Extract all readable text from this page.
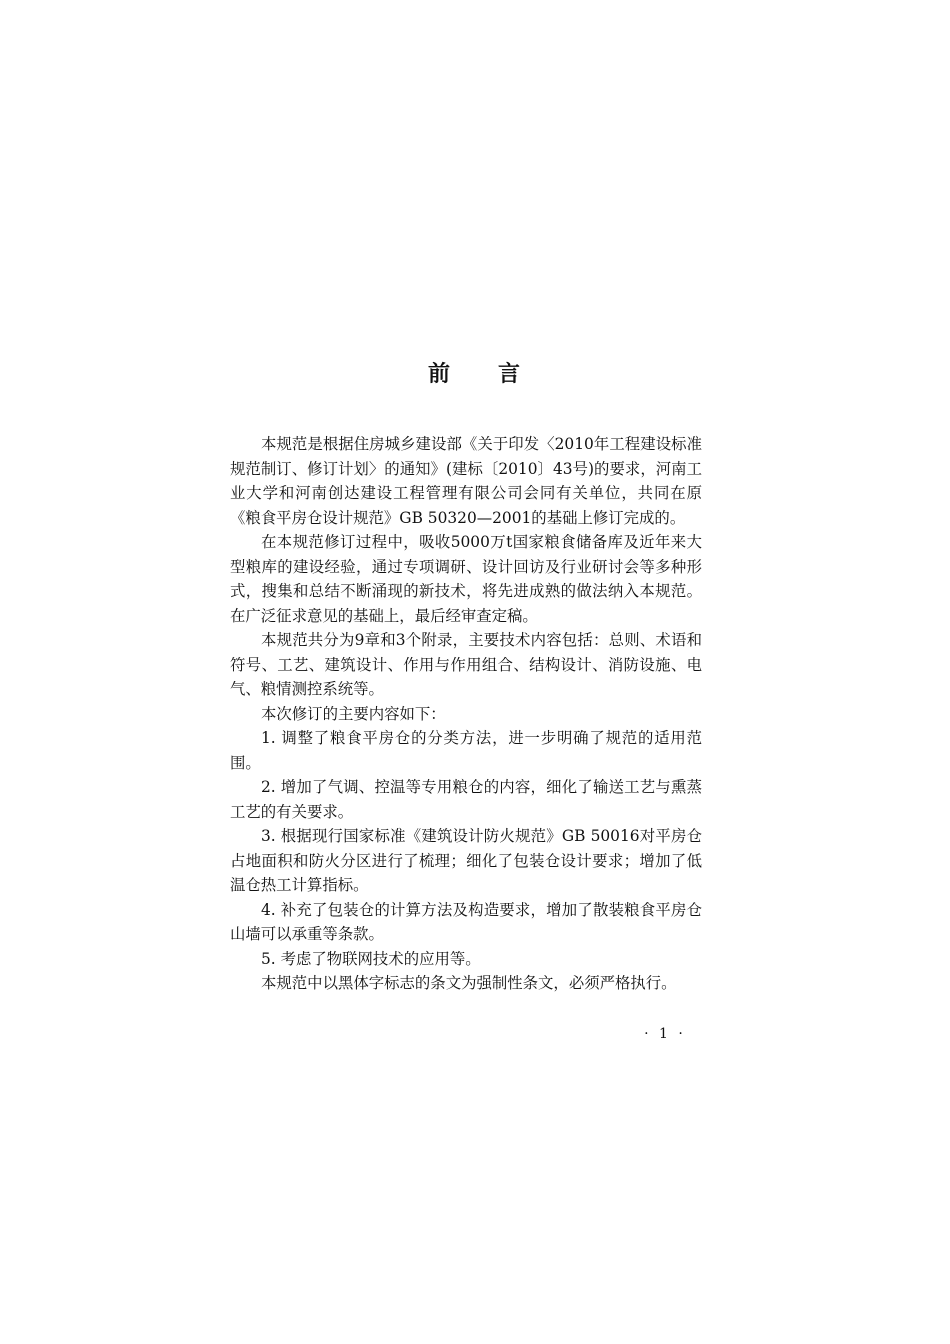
前 言

本规范是根据住房城乡建设部《关于印发〈2010年工程建设标准规范制订、修订计划〉的通知》(建标〔2010〕43号)的要求，河南工业大学和河南创达建设工程管理有限公司会同有关单位，共同在原《粮食平房仓设计规范》GB 50320—2001的基础上修订完成的。

在本规范修订过程中，吸收5000万t国家粮食储备库及近年来大型粮库的建设经验，通过专项调研、设计回访及行业研讨会等多种形式，搜集和总结不断涌现的新技术，将先进成熟的做法纳入本规范。在广泛征求意见的基础上，最后经审查定稿。

本规范共分为9章和3个附录，主要技术内容包括：总则、术语和符号、工艺、建筑设计、作用与作用组合、结构设计、消防设施、电气、粮情测控系统等。

本次修订的主要内容如下：

1. 调整了粮食平房仓的分类方法，进一步明确了规范的适用范围。

2. 增加了气调、控温等专用粮仓的内容，细化了输送工艺与熏蒸工艺的有关要求。

3. 根据现行国家标准《建筑设计防火规范》GB 50016对平房仓占地面积和防火分区进行了梳理；细化了包装仓设计要求；增加了低温仓热工计算指标。

4. 补充了包装仓的计算方法及构造要求，增加了散装粮食平房仓山墙可以承重等条款。

5. 考虑了物联网技术的应用等。

本规范中以黑体字标志的条文为强制性条文，必须严格执行。

· 1 ·
